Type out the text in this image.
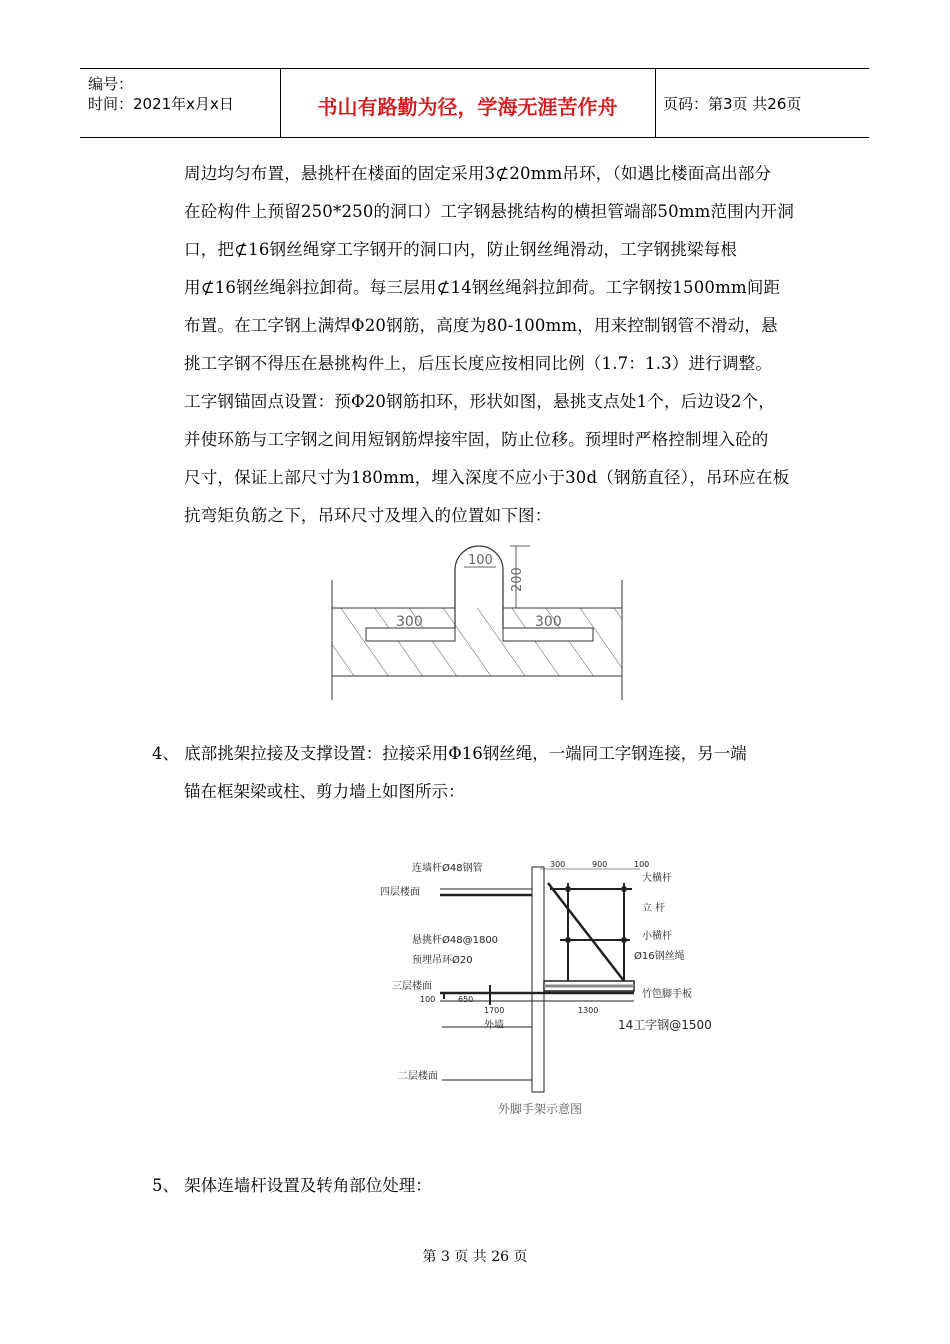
编号：
时间：2021年x月x日	书山有路勤为径，学海无涯苦作舟	页码：第3页 共26页
周边均匀布置，悬挑杆在楼面的固定采用3⊄20mm吊环，（如遇比楼面高出部分
在砼构件上预留250*250的洞口）工字钢悬挑结构的横担管端部50mm范围内开洞
口，把⊄16钢丝绳穿工字钢开的洞口内，防止钢丝绳滑动，工字钢挑梁每根
用⊄16钢丝绳斜拉卸荷。每三层用⊄14钢丝绳斜拉卸荷。工字钢按1500mm间距
布置。在工字钢上满焊Φ20钢筋，高度为80-100mm，用来控制钢管不滑动，悬
挑工字钢不得压在悬挑构件上，后压长度应按相同比例（1.7：1.3）进行调整。
工字钢锚固点设置：预Φ20钢筋扣环，形状如图，悬挑支点处1个，后边设2个，
并使环筋与工字钢之间用短钢筋焊接牢固，防止位移。预埋时严格控制埋入砼的
尺寸，保证上部尺寸为180mm，埋入深度不应小于30d（钢筋直径），吊环应在板
抗弯矩负筋之下，吊环尺寸及埋入的位置如下图：
100
200
300	300
4、 底部挑架拉接及支撑设置：拉接采用Φ16钢丝绳，一端同工字钢连接，另一端
锚在框架梁或柱、剪力墙上如图所示：
连墙杆Ø48钢管
四层楼面
悬挑杆Ø48@1800
预埋吊环Ø20
三层楼面
外墙
二层楼面
300	900	100
100	650
1700	1300
大横杆
立 杆
小横杆
Ø16钢丝绳
竹笆脚手板
14工字钢@1500
外脚手架示意图
5、 架体连墙杆设置及转角部位处理：
第 3 页 共 26 页
